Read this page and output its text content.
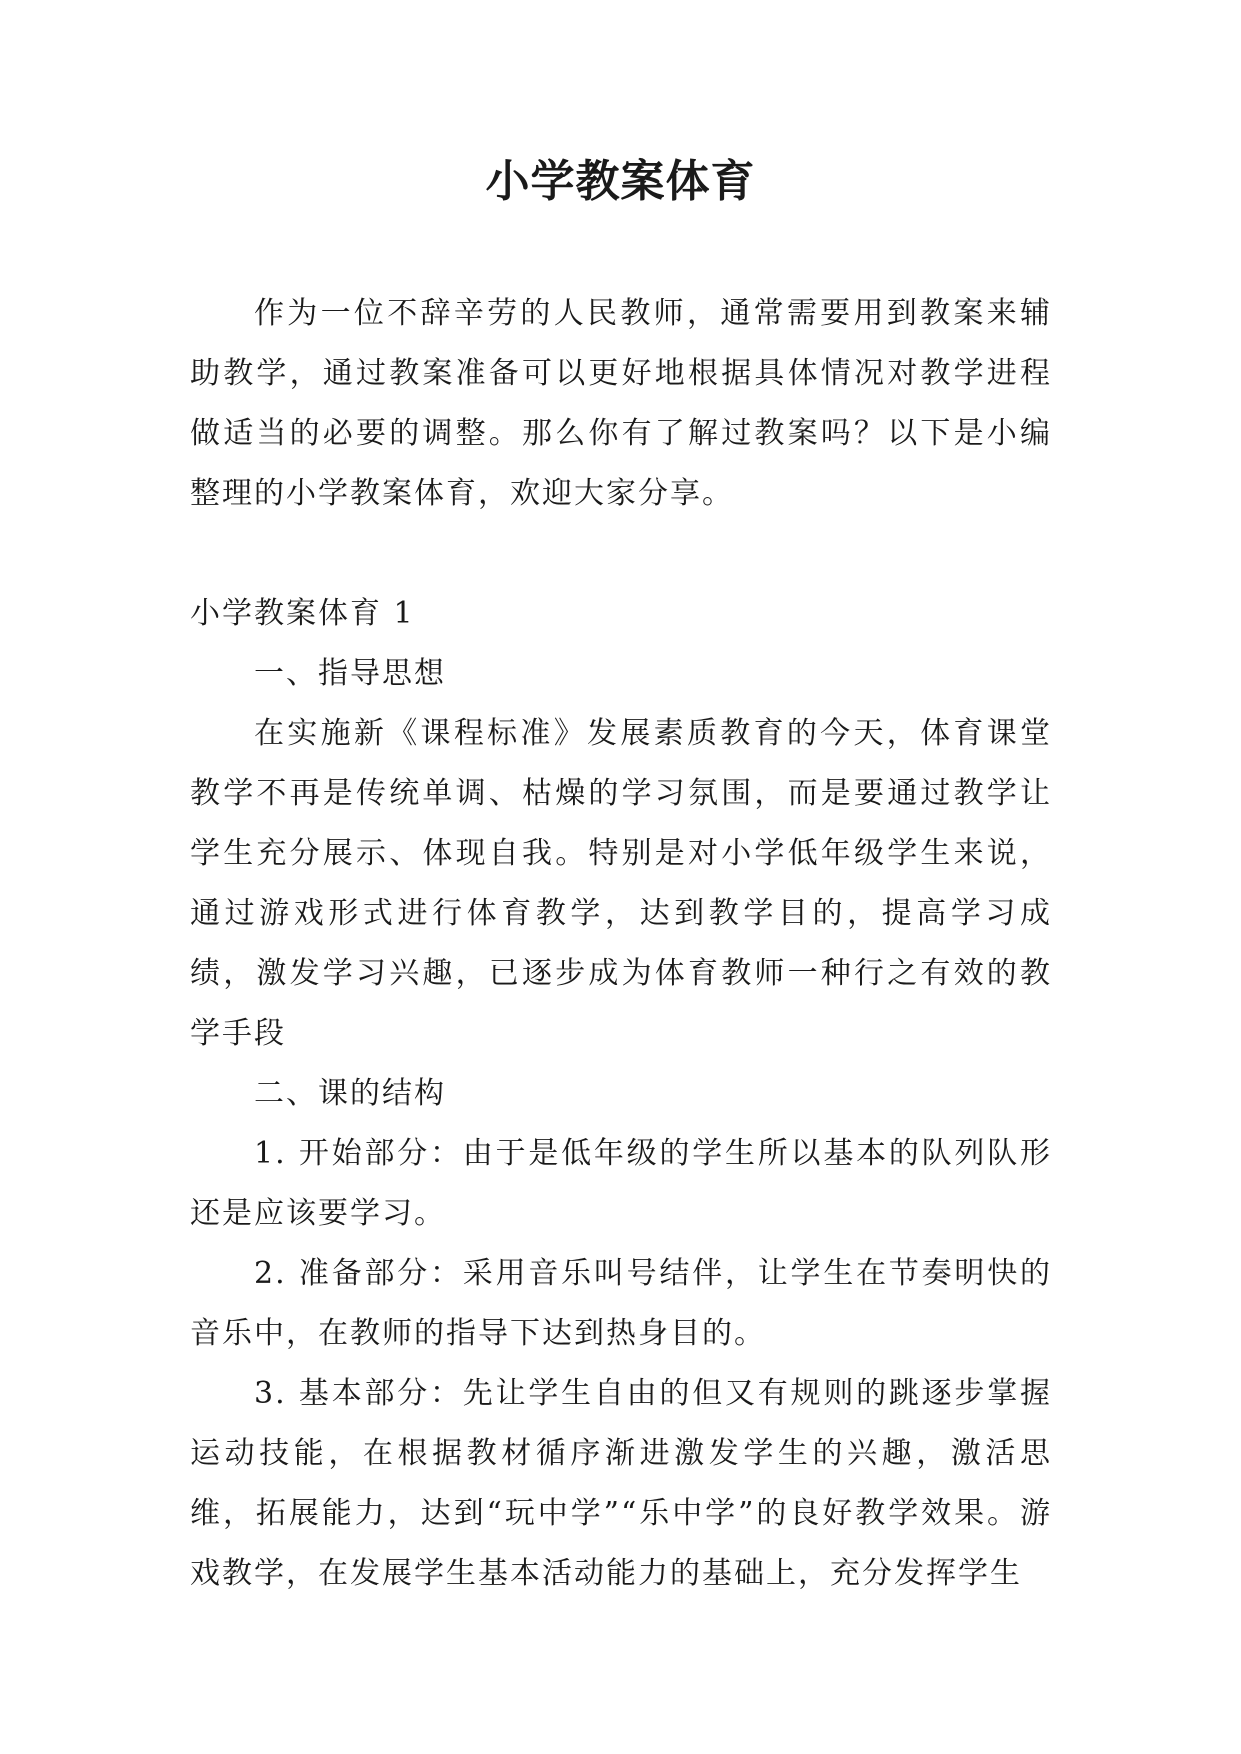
小学教案体育

作为一位不辞辛劳的人民教师，通常需要用到教案来辅助教学，通过教案准备可以更好地根据具体情况对教学进程做适当的必要的调整。那么你有了解过教案吗？以下是小编整理的小学教案体育，欢迎大家分享。

小学教案体育 1

一、指导思想

在实施新《课程标准》发展素质教育的今天，体育课堂教学不再是传统单调、枯燥的学习氛围，而是要通过教学让学生充分展示、体现自我。特别是对小学低年级学生来说，通过游戏形式进行体育教学，达到教学目的，提高学习成绩，激发学习兴趣，已逐步成为体育教师一种行之有效的教学手段

二、课的结构

1. 开始部分：由于是低年级的学生所以基本的队列队形还是应该要学习。

2. 准备部分：采用音乐叫号结伴，让学生在节奏明快的音乐中，在教师的指导下达到热身目的。

3. 基本部分：先让学生自由的但又有规则的跳逐步掌握运动技能，在根据教材循序渐进激发学生的兴趣，激活思维，拓展能力，达到“玩中学”“乐中学”的良好教学效果。游戏教学，在发展学生基本活动能力的基础上，充分发挥学生
